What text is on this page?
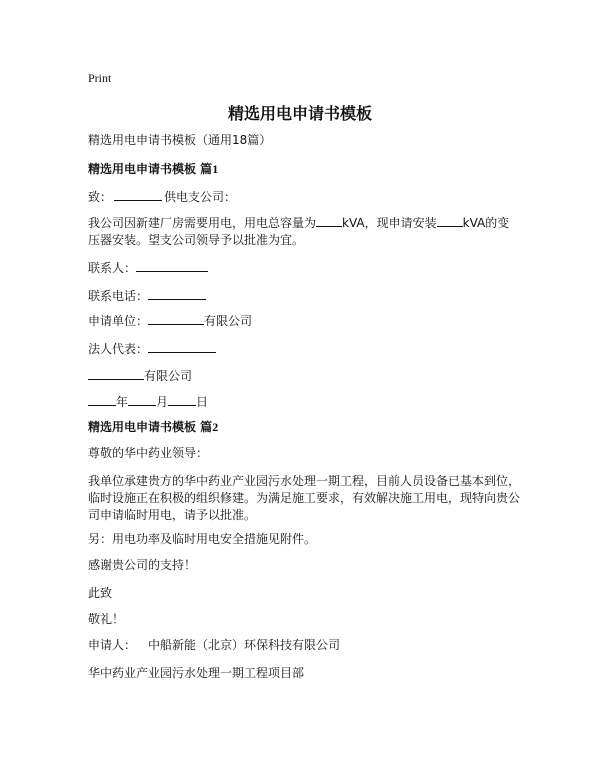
Print
精选用电申请书模板
精选用电申请书模板（通用18篇）
精选用电申请书模板 篇1
致：	供电支公司：
我公司因新建厂房需要用电，用电总容量为 kVA，现申请安装 kVA的变
压器安装。望支公司领导予以批准为宜。
联系人：
联系电话：
申请单位：	有限公司
法人代表：
有限公司
年 月 日
精选用电申请书模板 篇2
尊敬的华中药业领导：
我单位承建贵方的华中药业产业园污水处理一期工程，目前人员设备已基本到位，
临时设施正在积极的组织修建。为满足施工要求，有效解决施工用电，现特向贵公
司申请临时用电，请予以批准。
另：用电功率及临时用电安全措施见附件。
感谢贵公司的支持！
此致
敬礼！
申请人： 中船新能（北京）环保科技有限公司
华中药业产业园污水处理一期工程项目部
